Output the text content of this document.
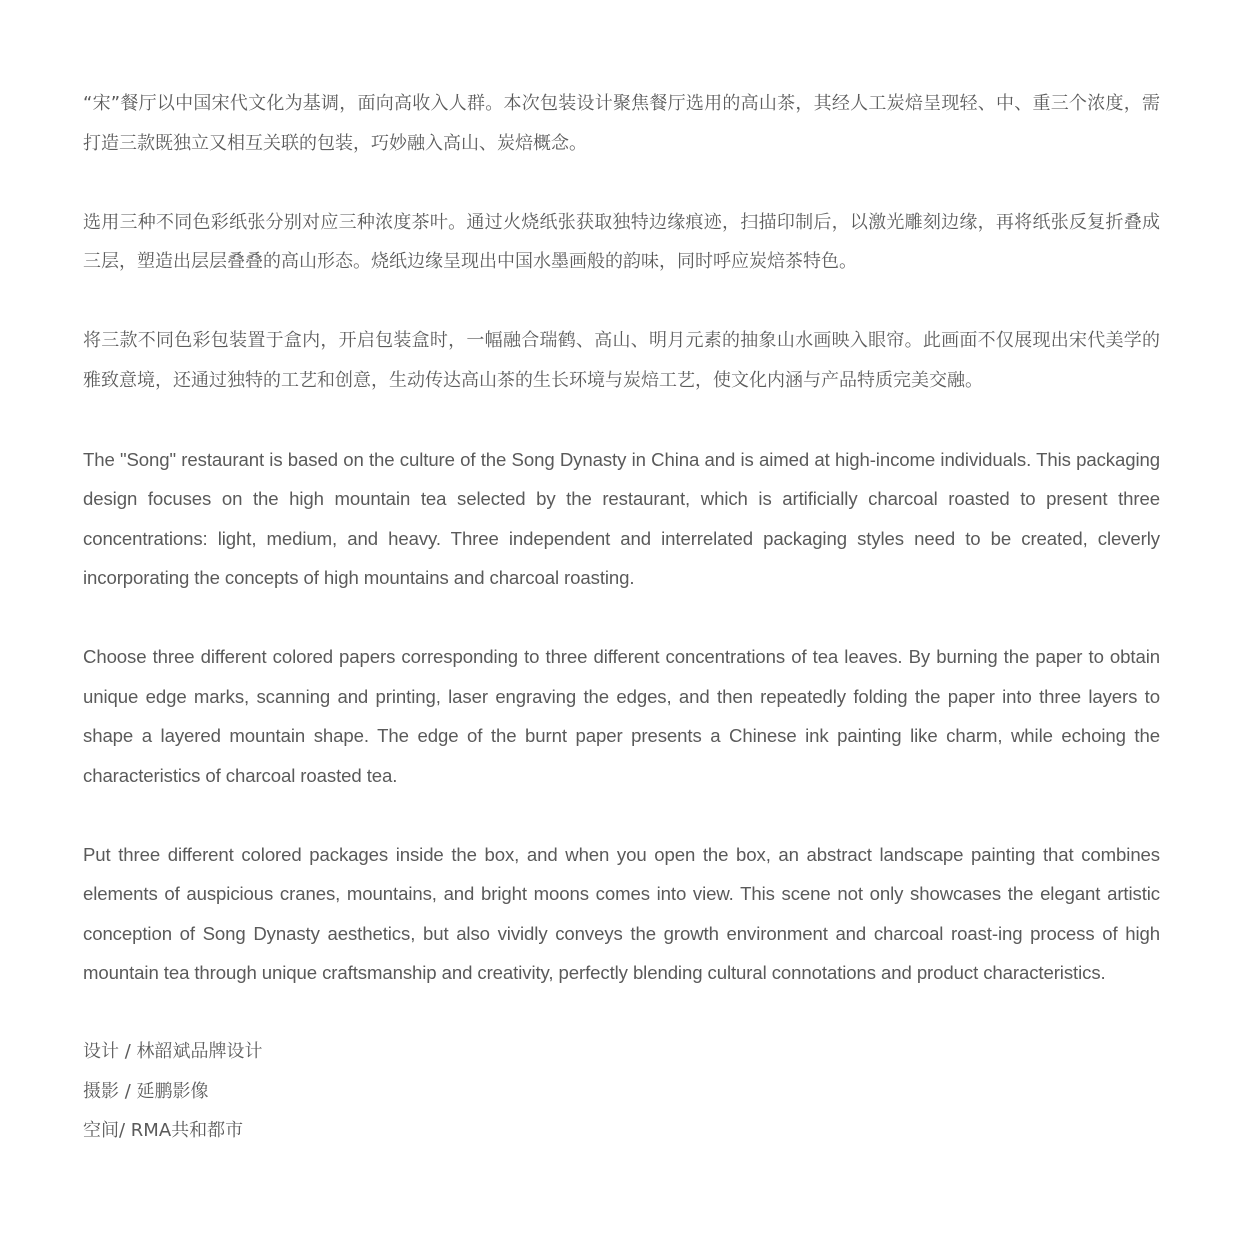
“宋”餐厅以中国宋代文化为基调，面向高收入人群。本次包装设计聚焦餐厅选用的高山茶，其经人工炭焙呈现轻、中、重三个浓度，需打造三款既独立又相互关联的包装，巧妙融入高山、炭焙概念。

选用三种不同色彩纸张分别对应三种浓度茶叶。通过火烧纸张获取独特边缘痕迹，扫描印制后，以激光雕刻边缘，再将纸张反复折叠成三层，塑造出层层叠叠的高山形态。烧纸边缘呈现出中国水墨画般的韵味，同时呼应炭焙茶特色。

将三款不同色彩包装置于盒内，开启包装盒时，一幅融合瑞鹤、高山、明月元素的抽象山水画映入眼帘。此画面不仅展现出宋代美学的雅致意境，还通过独特的工艺和创意，生动传达高山茶的生长环境与炭焙工艺，使文化内涵与产品特质完美交融。

The "Song" restaurant is based on the culture of the Song Dynasty in China and is aimed at high-income individuals. This packaging design focuses on the high mountain tea selected by the restaurant, which is artificially charcoal roasted to present three concentrations: light, medium, and heavy. Three independent and interrelated packaging styles need to be created, cleverly incorporating the concepts of high mountains and charcoal roasting.

Choose three different colored papers corresponding to three different concentrations of tea leaves. By burning the paper to obtain unique edge marks, scanning and printing, laser engraving the edges, and then repeatedly folding the paper into three layers to shape a layered mountain shape. The edge of the burnt paper presents a Chinese ink painting like charm, while echoing the characteristics of charcoal roasted tea.

Put three different colored packages inside the box, and when you open the box, an abstract landscape painting that combines elements of auspicious cranes, mountains, and bright moons comes into view. This scene not only showcases the elegant artistic conception of Song Dynasty aesthetics, but also vividly conveys the growth environment and charcoal roast-ing process of high mountain tea through unique craftsmanship and creativity, perfectly blending cultural connotations and product characteristics.

设计 / 林韶斌品牌设计
摄影 / 延鹏影像
空间/ RMA共和都市
